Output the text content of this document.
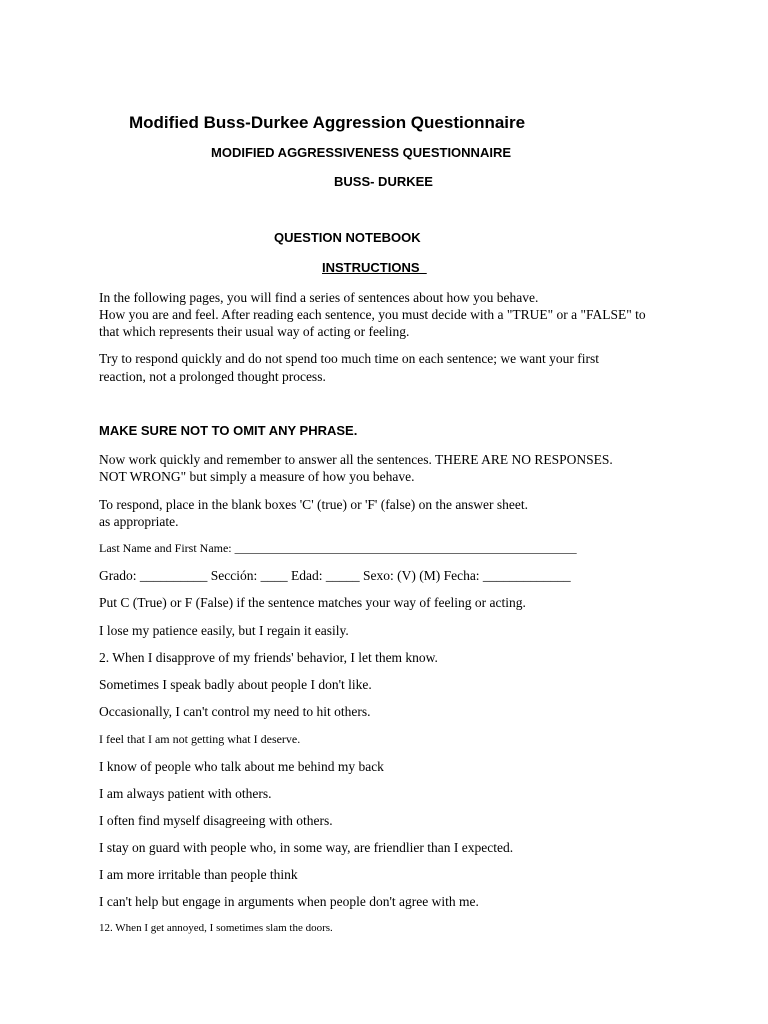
Modified Buss-Durkee Aggression Questionnaire
MODIFIED AGGRESSIVENESS QUESTIONNAIRE
BUSS- DURKEE
QUESTION NOTEBOOK
INSTRUCTIONS
In the following pages, you will find a series of sentences about how you behave.
How you are and feel. After reading each sentence, you must decide with a "TRUE" or a "FALSE" to
that which represents their usual way of acting or feeling.
Try to respond quickly and do not spend too much time on each sentence; we want your first
reaction, not a prolonged thought process.
MAKE SURE NOT TO OMIT ANY PHRASE.
Now work quickly and remember to answer all the sentences. THERE ARE NO RESPONSES.
NOT WRONG" but simply a measure of how you behave.
To respond, place in the blank boxes 'C' (true) or 'F' (false) on the answer sheet.
as appropriate.
Last Name and First Name: _________________________________________________________
Grado: __________ Sección: ____ Edad: _____ Sexo: (V) (M) Fecha: _____________
Put C (True) or F (False) if the sentence matches your way of feeling or acting.
I lose my patience easily, but I regain it easily.
2. When I disapprove of my friends' behavior, I let them know.
Sometimes I speak badly about people I don't like.
Occasionally, I can't control my need to hit others.
I feel that I am not getting what I deserve.
I know of people who talk about me behind my back
I am always patient with others.
I often find myself disagreeing with others.
I stay on guard with people who, in some way, are friendlier than I expected.
I am more irritable than people think
I can't help but engage in arguments when people don't agree with me.
12. When I get annoyed, I sometimes slam the doors.
